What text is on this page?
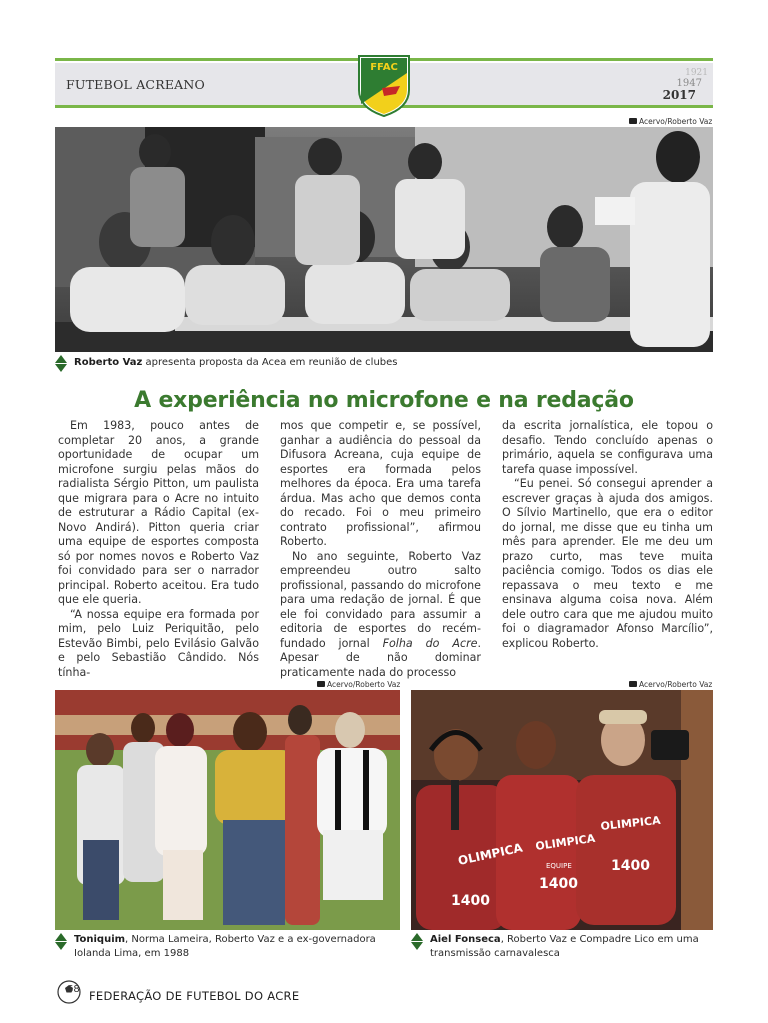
FUTEBOL ACREANO
1921
1947
2017
FFAC
Acervo/Roberto Vaz
Roberto Vaz apresenta proposta da Acea em reunião de clubes
A experiência no microfone e na redação

Em 1983, pouco antes de completar 20 anos, a grande oportunidade de ocupar um microfone surgiu pelas mãos do radialista Sérgio Pitton, um paulista que migrara para o Acre no intuito de estruturar a Rádio Capital (ex-Novo Andirá). Pitton queria criar uma equipe de esportes composta só por nomes novos e Roberto Vaz foi convidado para ser o narrador principal. Roberto aceitou. Era tudo que ele queria.

“A nossa equipe era formada por mim, pelo Luiz Periquitão, pelo Estevão Bimbi, pelo Evilásio Galvão e pelo Sebastião Cândido. Nós tínha-

mos que competir e, se possível, ganhar a audiência do pessoal da Difusora Acreana, cuja equipe de esportes era formada pelos melhores da época. Era uma tarefa árdua. Mas acho que demos conta do recado. Foi o meu primeiro contrato profissional”, afirmou Roberto.

No ano seguinte, Roberto Vaz empreendeu outro salto profissional, passando do microfone para uma redação de jornal. É que ele foi convidado para assumir a editoria de esportes do recém-fundado jornal Folha do Acre. Apesar de não dominar praticamente nada do processo

da escrita jornalística, ele topou o desafio. Tendo concluído apenas o primário, aquela se configurava uma tarefa quase impossível.

“Eu penei. Só consegui aprender a escrever graças à ajuda dos amigos. O Sílvio Martinello, que era o editor do jornal, me disse que eu tinha um mês para aprender. Ele me deu um prazo curto, mas teve muita paciência comigo. Todos os dias ele repassava o meu texto e me ensinava alguma coisa nova. Além dele outro cara que me ajudou muito foi o diagramador Afonso Marcílio”, explicou Roberto.

Acervo/Roberto Vaz
Toniquim, Norma Lameira, Roberto Vaz e a ex-governadora Iolanda Lima, em 1988
Acervo/Roberto Vaz
OLIMPICA OLIMPICA
EQUIPE
1400
OLIMPICA
1400
1400
Aiel Fonseca, Roberto Vaz e Compadre Lico em uma transmissão carnavalesca
68 FEDERAÇÃO DE FUTEBOL DO ACRE
